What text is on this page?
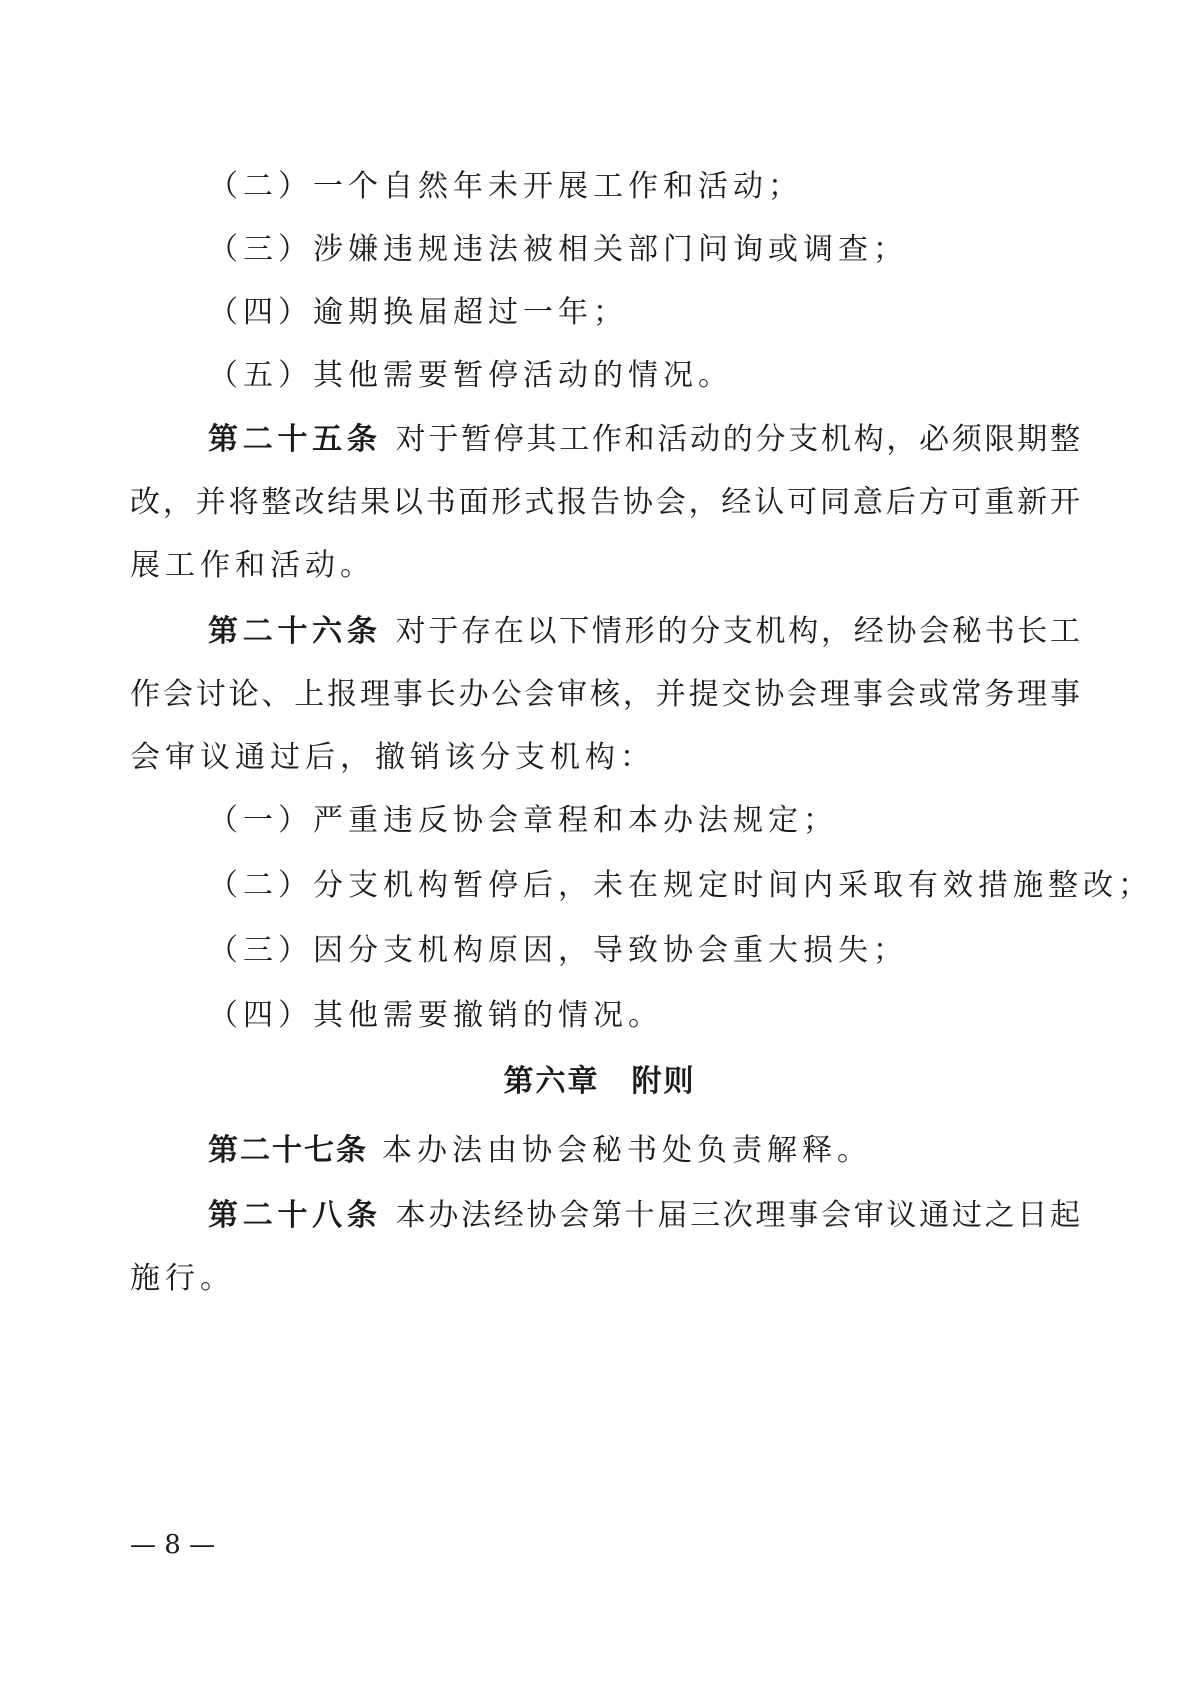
（二）一个自然年未开展工作和活动；
（三）涉嫌违规违法被相关部门问询或调查；
（四）逾期换届超过一年；
（五）其他需要暂停活动的情况。
第二十五条 对于暂停其工作和活动的分支机构，必须限期整
改，并将整改结果以书面形式报告协会，经认可同意后方可重新开
展工作和活动。
第二十六条 对于存在以下情形的分支机构，经协会秘书长工
作会讨论、上报理事长办公会审核，并提交协会理事会或常务理事
会审议通过后，撤销该分支机构：
（一）严重违反协会章程和本办法规定；
（二）分支机构暂停后，未在规定时间内采取有效措施整改；
（三）因分支机构原因，导致协会重大损失；
（四）其他需要撤销的情况。
第六章　附则
第二十七条 本办法由协会秘书处负责解释。
第二十八条 本办法经协会第十届三次理事会审议通过之日起
施行。
— 8 —
